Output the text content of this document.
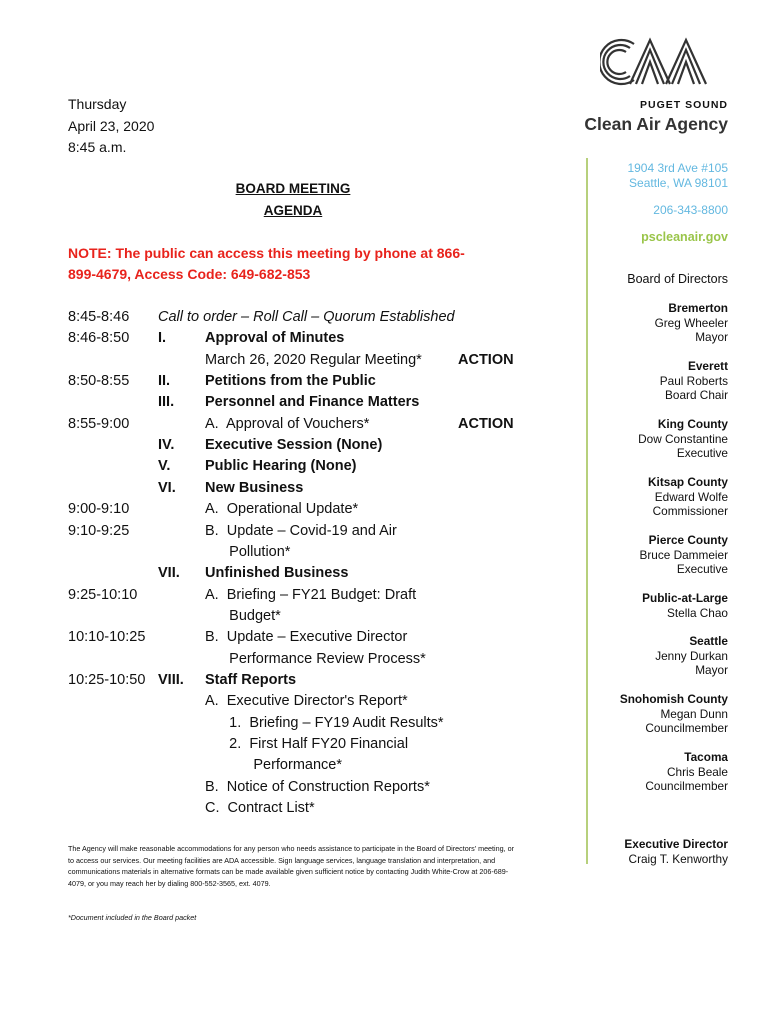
Thursday
April 23, 2020
8:45 a.m.
BOARD MEETING
AGENDA
NOTE: The public can access this meeting by phone at 866-
899-4679, Access Code: 649-682-853
8:45-8:46 Call to order – Roll Call – Quorum Established
8:46-8:50 I.	Approval of Minutes
March 26, 2020 Regular Meeting* ACTION
8:50-8:55 II. Petitions from the Public
III. Personnel and Finance Matters
8:55-9:00	A.  Approval of Vouchers*	ACTION
IV. Executive Session (None)
V. Public Hearing (None)
VI. New Business
9:00-9:10	A.  Operational Update*
9:10-9:25	B.  Update – Covid-19 and Air
Pollution*
VII. Unfinished Business
9:25-10:10	A.  Briefing – FY21 Budget: Draft
Budget*
10:10-10:25	B.  Update – Executive Director
Performance Review Process*
10:25-10:50 VIII. Staff Reports
A.  Executive Director's Report*
1.  Briefing – FY19 Audit Results*
2.  First Half FY20 Financial
Performance*
B.  Notice of Construction Reports*
C.  Contract List*
The Agency will make reasonable accommodations for any person who needs assistance to participate in the Board of Directors' meeting, or to access our services. Our meeting facilities are ADA accessible. Sign language services, language translation and interpretation, and communications materials in alternative formats can be made available given sufficient notice by contacting Judith White-Crow at 206-689-4079, or you may reach her by dialing 800-552-3565, ext. 4079.
*Document included in the Board packet
PUGET SOUND
Clean Air Agency
1904 3rd Ave #105
Seattle, WA 98101
206-343-8800
pscleanair.gov
Board of Directors
Bremerton
Greg Wheeler
Mayor
Everett
Paul Roberts
Board Chair
King County
Dow Constantine
Executive
Kitsap County
Edward Wolfe
Commissioner
Pierce County
Bruce Dammeier
Executive
Public-at-Large
Stella Chao
Seattle
Jenny Durkan
Mayor
Snohomish County
Megan Dunn
Councilmember
Tacoma
Chris Beale
Councilmember
Executive Director
Craig T. Kenworthy
